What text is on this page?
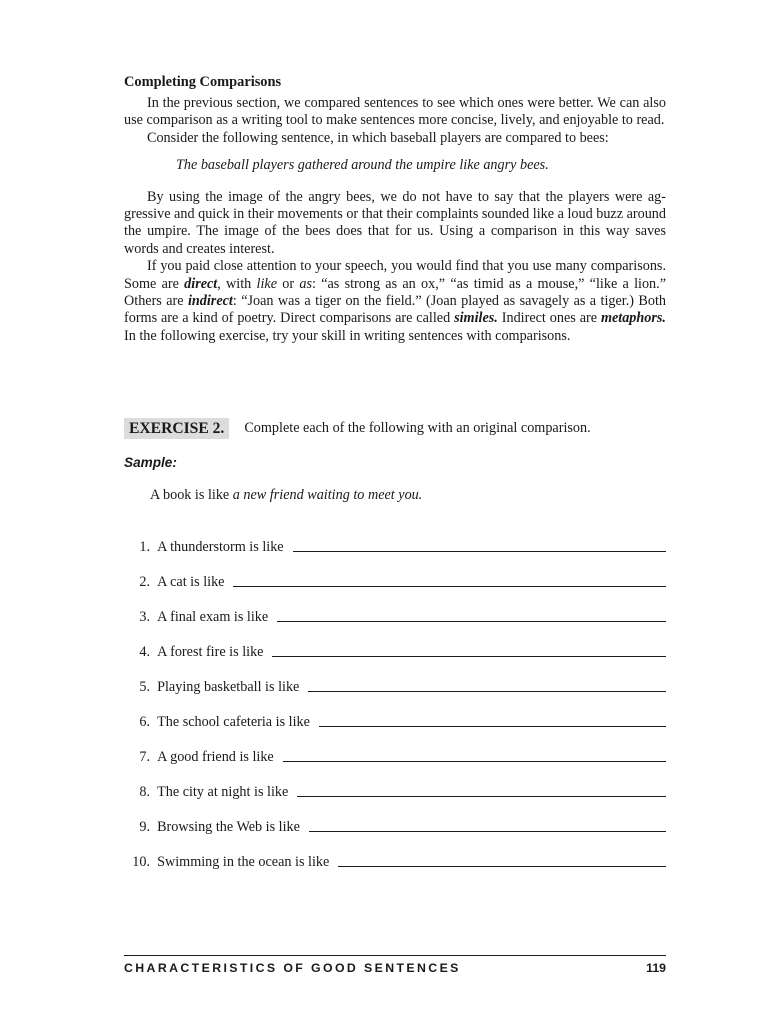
Completing Comparisons

In the previous section, we compared sentences to see which ones were better. We can also use comparison as a writing tool to make sentences more concise, lively, and enjoyable to read.

Consider the following sentence, in which baseball players are compared to bees:

The baseball players gathered around the umpire like angry bees.

By using the image of the angry bees, we do not have to say that the players were aggressive and quick in their movements or that their complaints sounded like a loud buzz around the umpire. The image of the bees does that for us. Using a comparison in this way saves words and creates interest.

If you paid close attention to your speech, you would find that you use many comparisons. Some are direct, with like or as: “as strong as an ox,” “as timid as a mouse,” “like a lion.” Others are indirect: “Joan was a tiger on the field.” (Joan played as savagely as a tiger.) Both forms are a kind of poetry. Direct comparisons are called similes. Indirect ones are metaphors. In the following exercise, try your skill in writing sentences with comparisons.

EXERCISE 2.	Complete each of the following with an original comparison.
Sample:
A book is like a new friend waiting to meet you.
1.
A thunderstorm is like
2.
A cat is like
3.
A final exam is like
4.
A forest fire is like
5.
Playing basketball is like
6.
The school cafeteria is like
7.
A good friend is like
8.
The city at night is like
9.
Browsing the Web is like
10.
Swimming in the ocean is like
CHARACTERISTICS OF GOOD SENTENCES	119
